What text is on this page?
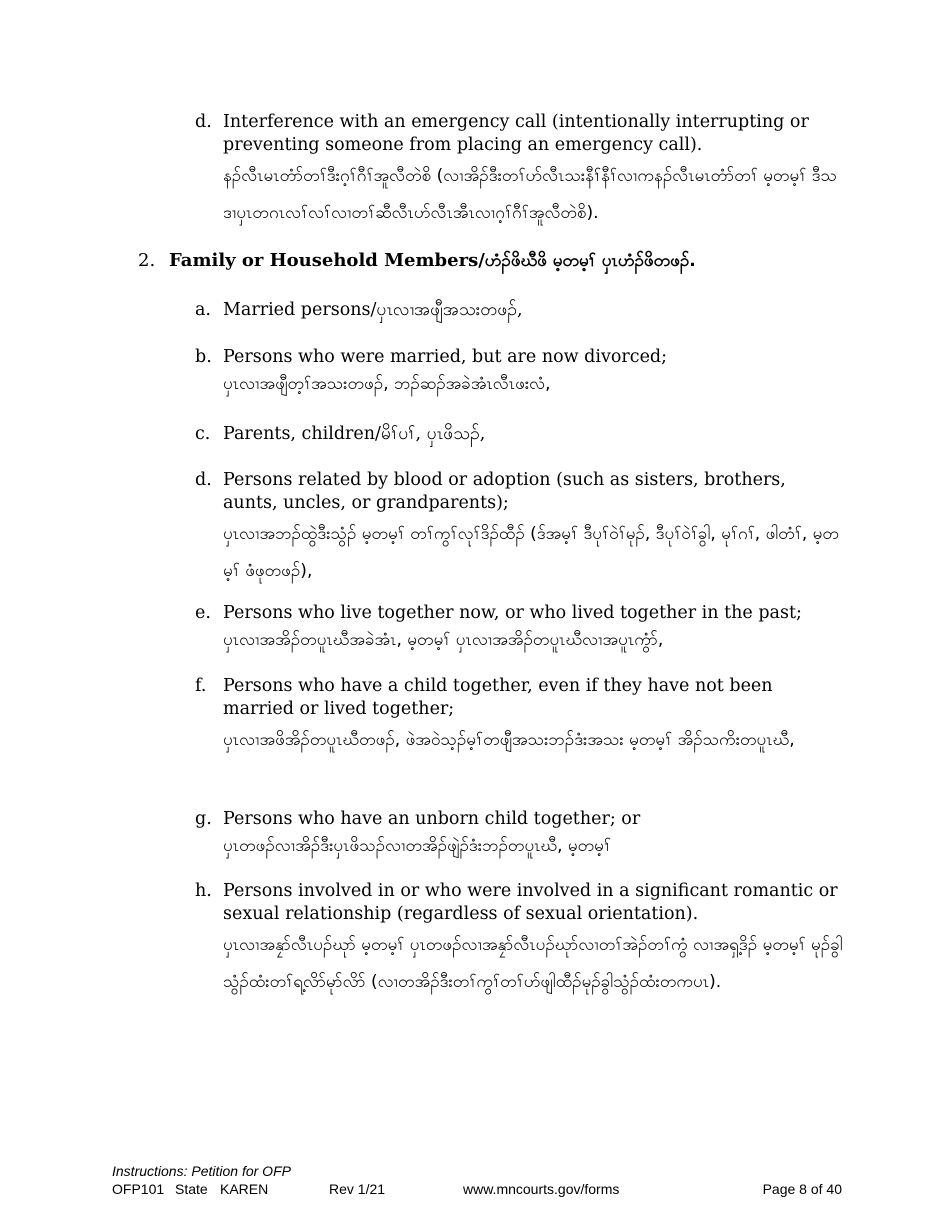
d. Interference with an emergency call (intentionally interrupting or preventing someone from placing an emergency call).
နၣ်လီၤမၤတံာ်တၢ်ဒီးဂ့ၢ်ဂီၢ်အူလီတဲစိ (လၢအိၣ်ဒီးတၢ်ဟ်လီၤသးနီၢ်နီၢ်လၢကနၣ်လီၤမၤတံာ်တၢ် မ့တမ့ၢ် ဒီသဒၢပှၤတဂၤလၢ်လၢ်လၢတၢ်ဆီလီၤဟ်လီၤအီၤလၢဂ့ၢ်ဂီၢ်အူလီတဲစိ).
2. Family or Household Members/ဟံၣ်ဖိဃီဖိ မ့တမ့ၢ် ပှၤဟံၣ်ဖိတဖၣ်.
a. Married persons/ပှၤလၢအဖျီအသးတဖၣ်,
b. Persons who were married, but are now divorced;
ပှၤလၢအဖျီတ့ၢ်အသးတဖၣ်, ဘၣ်ဆၣ်အခဲအံၤလီၤဖးလံ,
c. Parents, children/မိၢ်ပၢ်, ပှၤဖိသၣ်,
d. Persons related by blood or adoption (such as sisters, brothers, aunts, uncles, or grandparents);
ပှၤလၢအဘၣ်ထွဲဒီးသွံၣ် မ့တမ့ၢ် တၢ်ကွၢ်လုၢ်ဒိၣ်ထီၣ် (ဒ်အမ့ၢ် ဒီပုၢ်ဝဲၢ်မုၣ်, ဒီပုၢ်ဝဲၢ်ခွါ, မုၢ်ဂၢ်, ဖါတံၢ်, မ့တမ့ၢ် ဖံဖုတဖၣ်),
e. Persons who live together now, or who lived together in the past;
ပှၤလၢအအိၣ်တပူၤဃီအခဲအံၤ, မ့တမ့ၢ် ပှၤလၢအအိၣ်တပူၤဃီလၢအပူၤကွံာ်,
f. Persons who have a child together, even if they have not been married or lived together;
ပှၤလၢအဖိအိၣ်တပူၤဃီတဖၣ်, ဖဲအဝဲသ့ၣ်မ့ၢ်တဖျီအသးဘၣ်ဒံးအသး မ့တမ့ၢ် အိၣ်သကိးတပူၤဃီ,
g. Persons who have an unborn child together; or
ပှၤတဖၣ်လၢအိၣ်ဒီးပှၤဖိသၣ်လၢတအိၣ်ဖျဲၣ်ဒံးဘၣ်တပူၤဃီ, မ့တမ့ၢ်
h. Persons involved in or who were involved in a significant romantic or sexual relationship (regardless of sexual orientation).
ပှၤလၢအနၠာ်လီၤပၣ်ဃုာ် မ့တမ့ၢ် ပှၤတဖၣ်လၢအနၠာ်လီၤပၣ်ဃုာ်လၢတၢ်အဲၣ်တၢ်ကွံ လၢအရှ့ဒိၣ် မ့တမ့ၢ် မုၣ်ခွါသွံၣ်ထံးတၢ်ရ့လိာ်မုာ်လိာ် (လၢတအိၣ်ဒီးတၢ်ကွၢ်တၢ်ဟ်ဖျါထီၣ်မုၣ်ခွါသွံၣ်ထံးတကပၤ).
Instructions: Petition for OFP
OFP101 State KAREN	Rev 1/21	www.mncourts.gov/forms	Page 8 of 40
